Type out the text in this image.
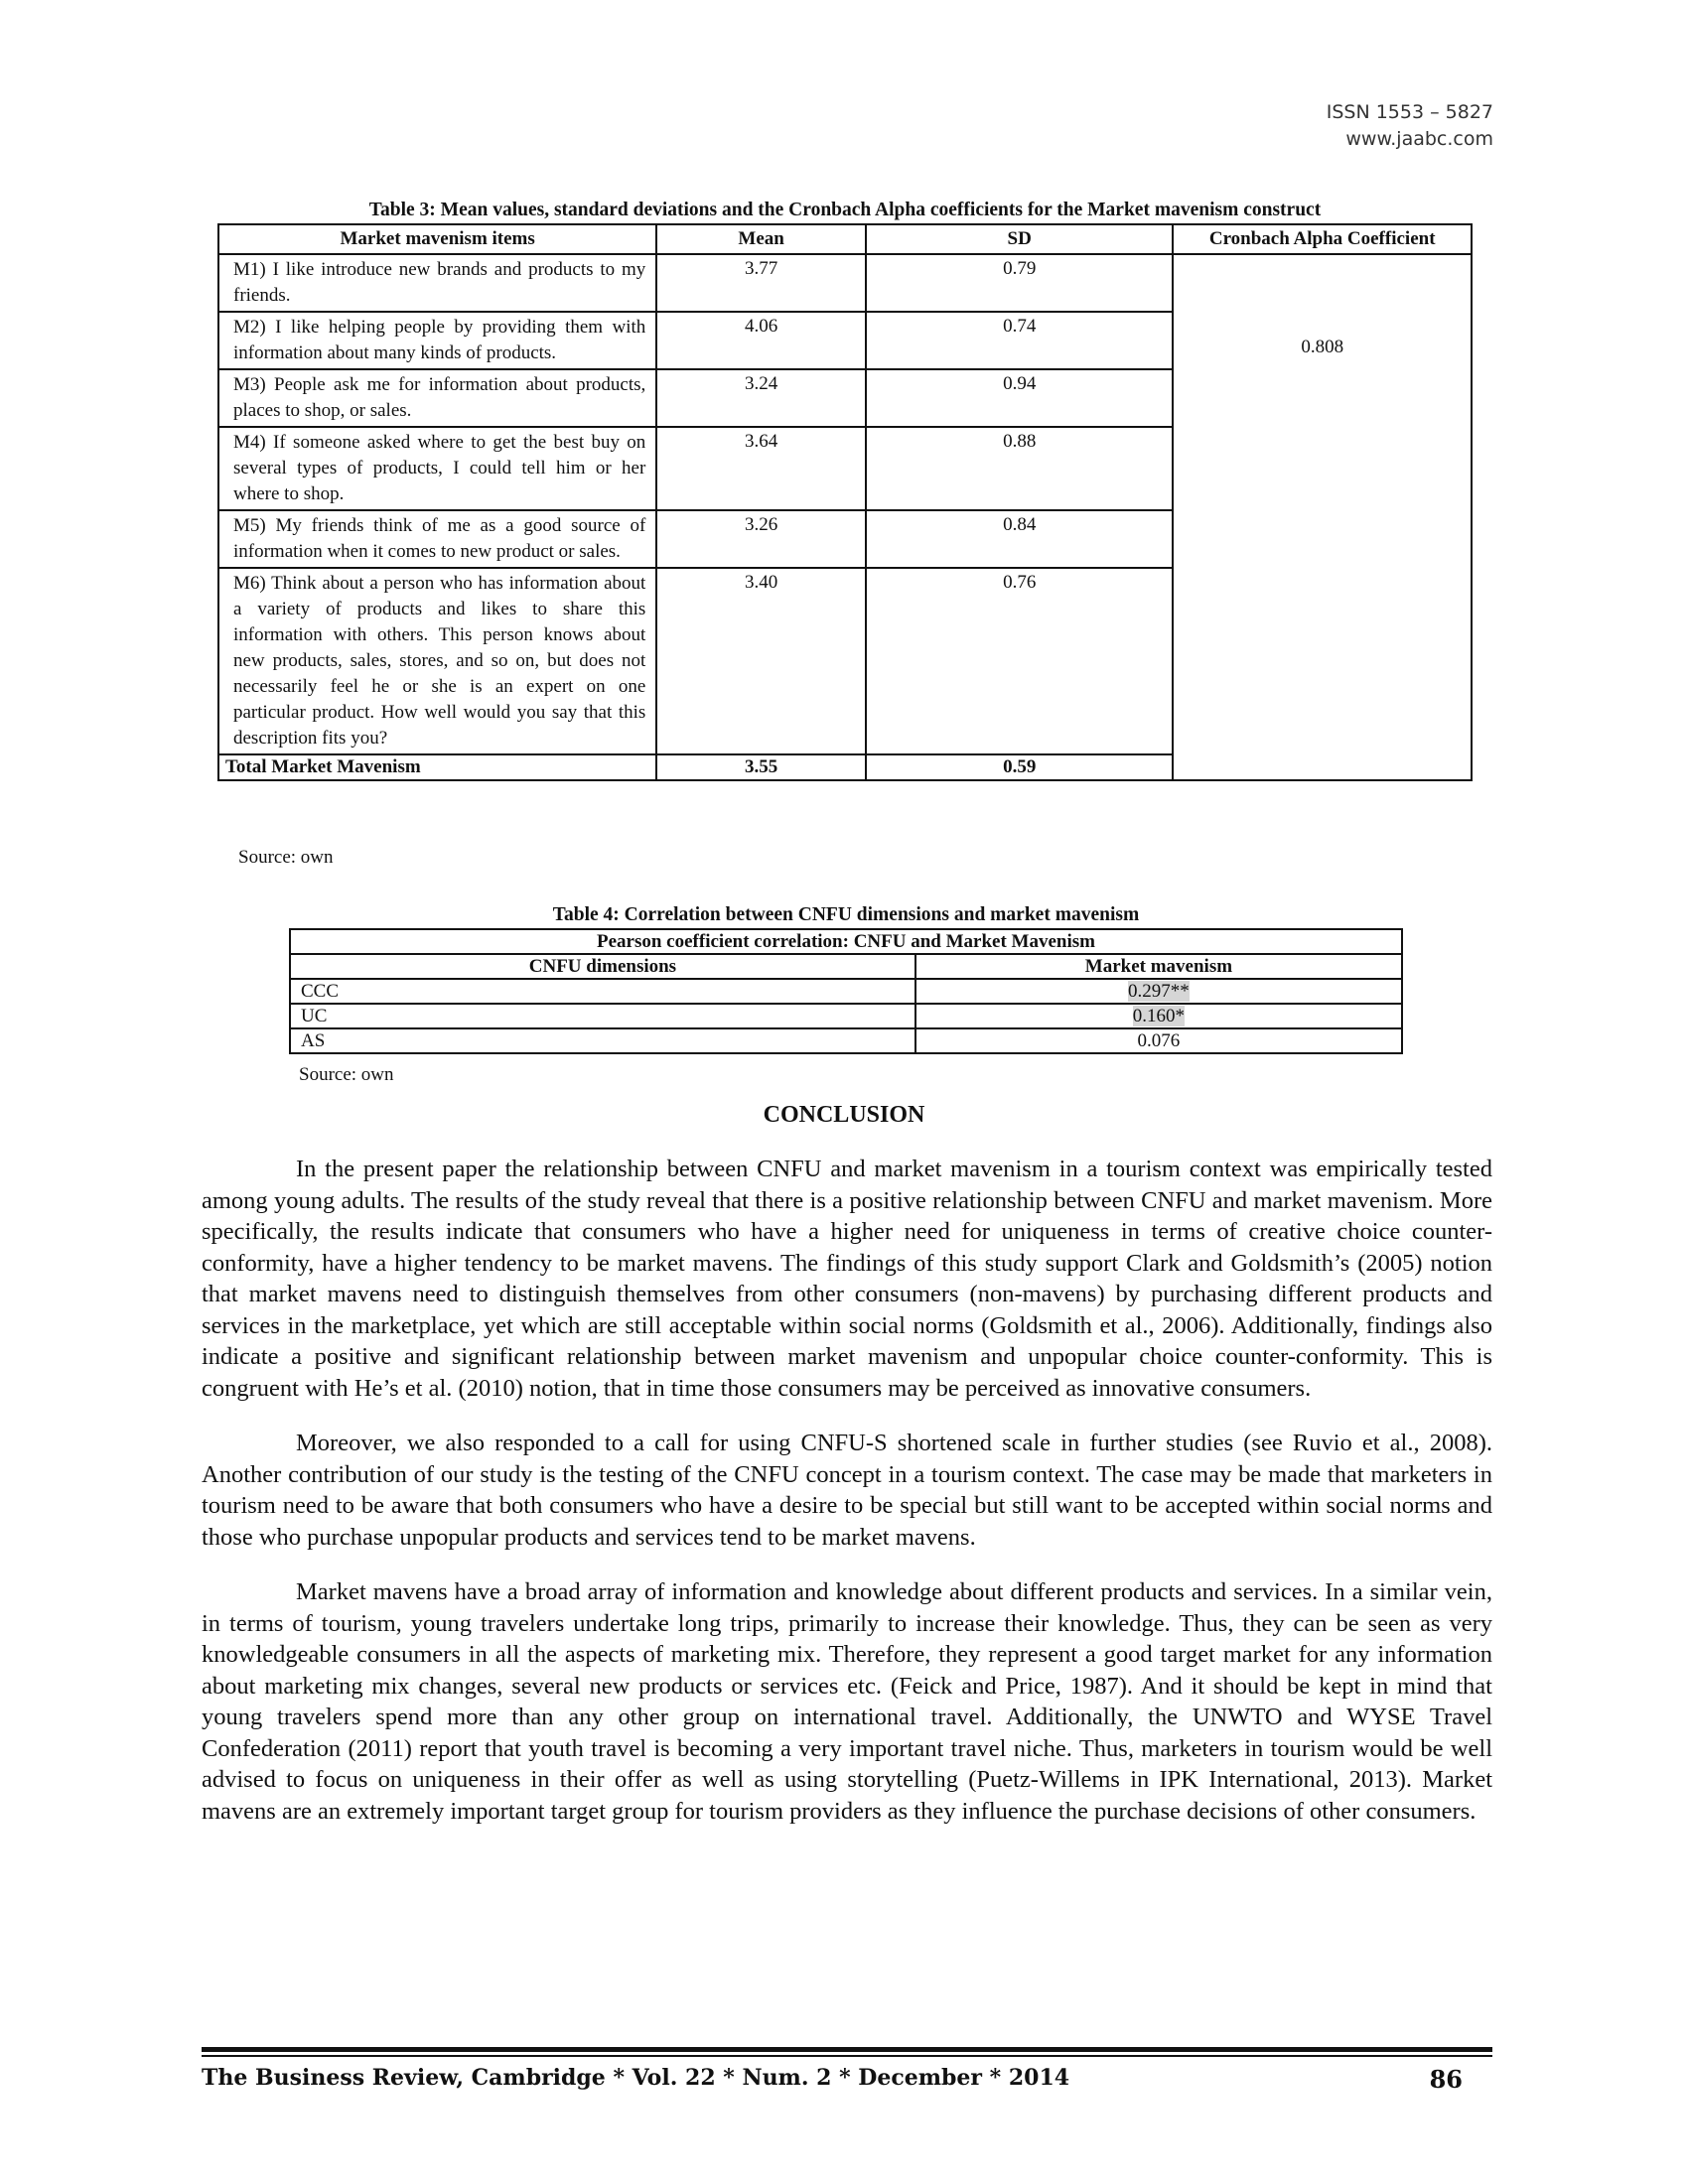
ISSN 1553 – 5827
www.jaabc.com
Table 3: Mean values, standard deviations and the Cronbach Alpha coefficients for the Market mavenism construct
Market mavenism items	Mean	SD	Cronbach Alpha Coefficient
M1) I like introduce new brands and products to my friends.	3.77	0.79	0.808
M2) I like helping people by providing them with information about many kinds of products.	4.06	0.74	
M3) People ask me for information about products, places to shop, or sales.	3.24	0.94	
M4) If someone asked where to get the best buy on several types of products, I could tell him or her where to shop.	3.64	0.88	
M5) My friends think of me as a good source of information when it comes to new product or sales.	3.26	0.84	
M6) Think about a person who has information about a variety of products and likes to share this information with others. This person knows about new products, sales, stores, and so on, but does not necessarily feel he or she is an expert on one particular product. How well would you say that this description fits you?	3.40	0.76	
Total Market Mavenism	3.55	0.59	
Source: own
Table 4: Correlation between CNFU dimensions and market mavenism
Pearson coefficient correlation: CNFU and Market Mavenism	
CNFU dimensions	Market mavenism
CCC	0.297**
UC	0.160*
AS	0.076
Source: own
CONCLUSION

In the present paper the relationship between CNFU and market mavenism in a tourism context was empirically tested among young adults. The results of the study reveal that there is a positive relationship between CNFU and market mavenism. More specifically, the results indicate that consumers who have a higher need for uniqueness in terms of creative choice counter-conformity, have a higher tendency to be market mavens. The findings of this study support Clark and Goldsmith’s (2005) notion that market mavens need to distinguish themselves from other consumers (non-mavens) by purchasing different products and services in the marketplace, yet which are still acceptable within social norms (Goldsmith et al., 2006). Additionally, findings also indicate a positive and significant relationship between market mavenism and unpopular choice counter-conformity. This is congruent with He’s et al. (2010) notion, that in time those consumers may be perceived as innovative consumers.

Moreover, we also responded to a call for using CNFU-S shortened scale in further studies (see Ruvio et al., 2008). Another contribution of our study is the testing of the CNFU concept in a tourism context. The case may be made that marketers in tourism need to be aware that both consumers who have a desire to be special but still want to be accepted within social norms and those who purchase unpopular products and services tend to be market mavens.

Market mavens have a broad array of information and knowledge about different products and services. In a similar vein, in terms of tourism, young travelers undertake long trips, primarily to increase their knowledge. Thus, they can be seen as very knowledgeable consumers in all the aspects of marketing mix. Therefore, they represent a good target market for any information about marketing mix changes, several new products or services etc. (Feick and Price, 1987). And it should be kept in mind that young travelers spend more than any other group on international travel. Additionally, the UNWTO and WYSE Travel Confederation (2011) report that youth travel is becoming a very important travel niche. Thus, marketers in tourism would be well advised to focus on uniqueness in their offer as well as using storytelling (Puetz-Willems in IPK International, 2013). Market mavens are an extremely important target group for tourism providers as they influence the purchase decisions of other consumers.

The Business Review, Cambridge * Vol. 22 * Num. 2 * December * 2014	86
